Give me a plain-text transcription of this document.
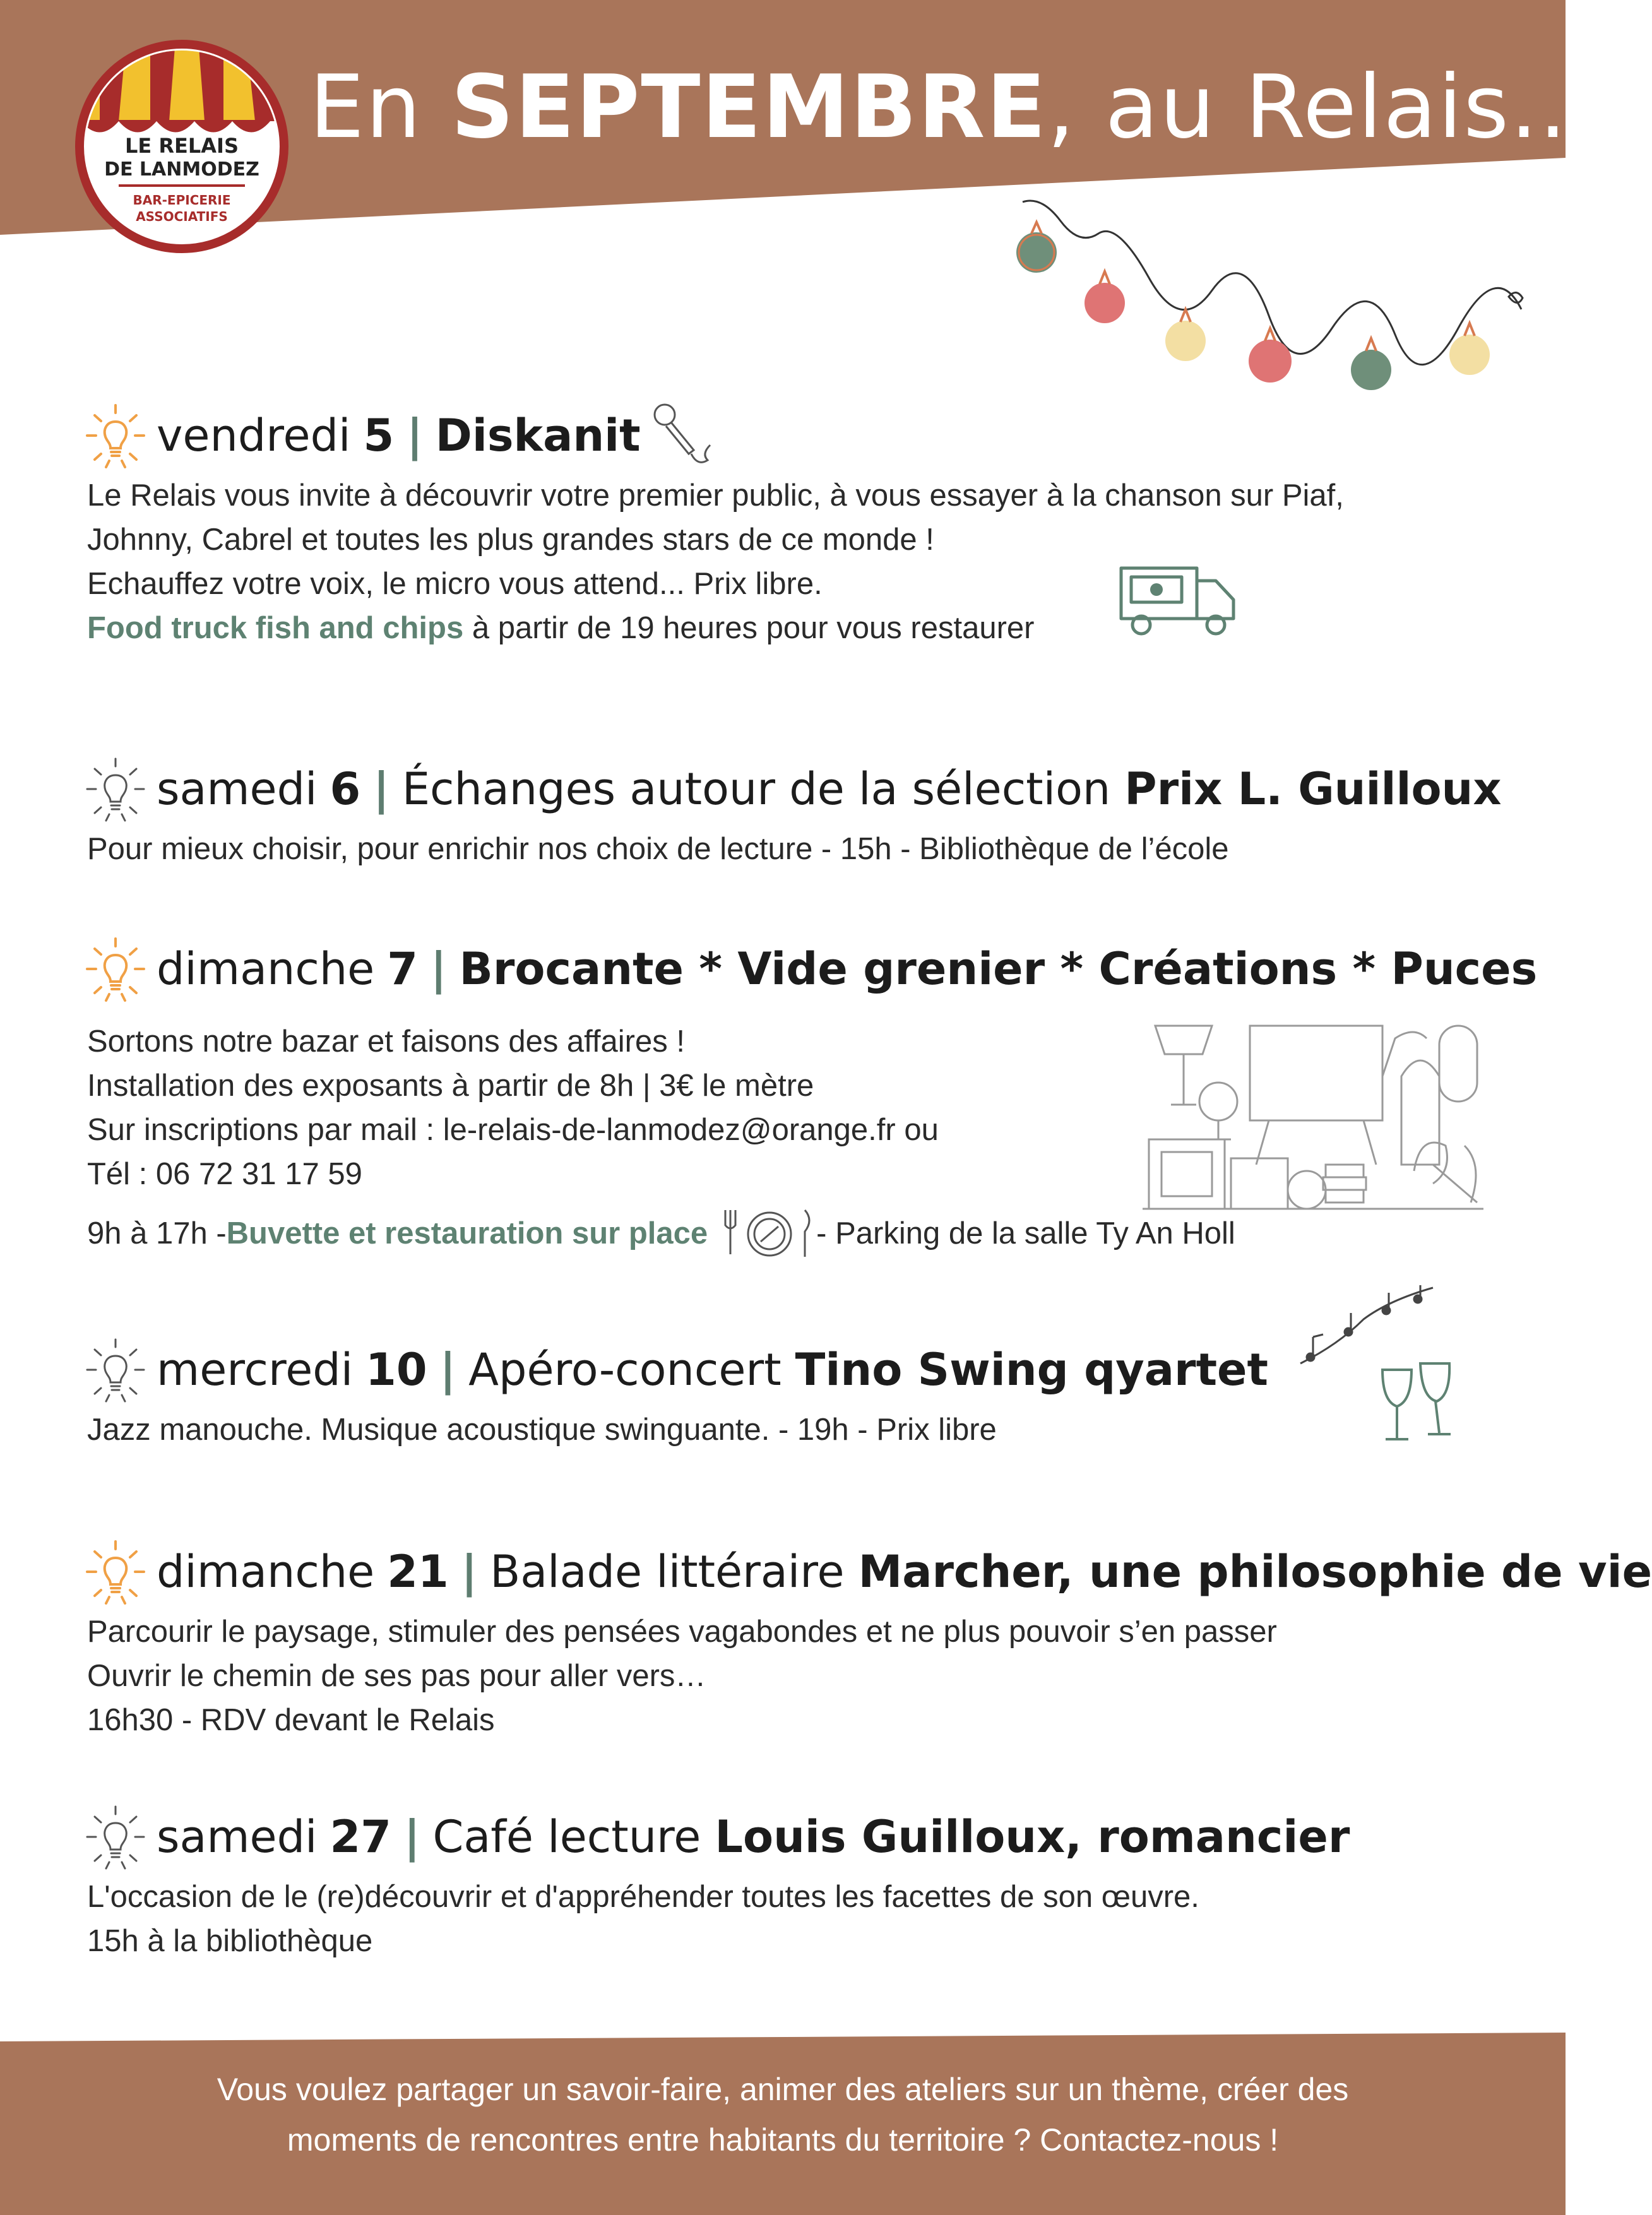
LE RELAIS
DE LANMODEZ
BAR-EPICERIE
ASSOCIATIFS
En SEPTEMBRE, au Relais...
vendredi 5 | Diskanit
Le Relais vous invite à découvrir votre premier public, à vous essayer à la chanson sur Piaf,
Johnny, Cabrel et toutes les plus grandes stars de ce monde !
Echauffez votre voix, le micro vous attend... Prix libre.
Food truck fish and chips à partir de 19 heures pour vous restaurer
samedi 6 | Échanges autour de la sélection Prix L. Guilloux
Pour mieux choisir, pour enrichir nos choix de lecture - 15h - Bibliothèque de l’école
dimanche 7 | Brocante * Vide grenier * Créations * Puces
Sortons notre bazar et faisons des affaires !
Installation des exposants à partir de 8h | 3€ le mètre
Sur inscriptions par mail : le-relais-de-lanmodez@orange.fr ou
Tél : 06 72 31 17 59
9h à 17h - Buvette et restauration sur place	- Parking de la salle Ty An Holl
mercredi 10 | Apéro-concert Tino Swing qyartet
Jazz manouche. Musique acoustique swinguante. - 19h - Prix libre
dimanche 21 | Balade littéraire Marcher, une philosophie de vie
Parcourir le paysage, stimuler des pensées vagabondes et ne plus pouvoir s’en passer
Ouvrir le chemin de ses pas pour aller vers…
16h30 - RDV devant le Relais
samedi 27 | Café lecture Louis Guilloux, romancier
L'occasion de le (re)découvrir et d'appréhender toutes les facettes de son œuvre.
15h à la bibliothèque
Vous voulez partager un savoir-faire, animer des ateliers sur un thème, créer des
moments de rencontres entre habitants du territoire ? Contactez-nous !
